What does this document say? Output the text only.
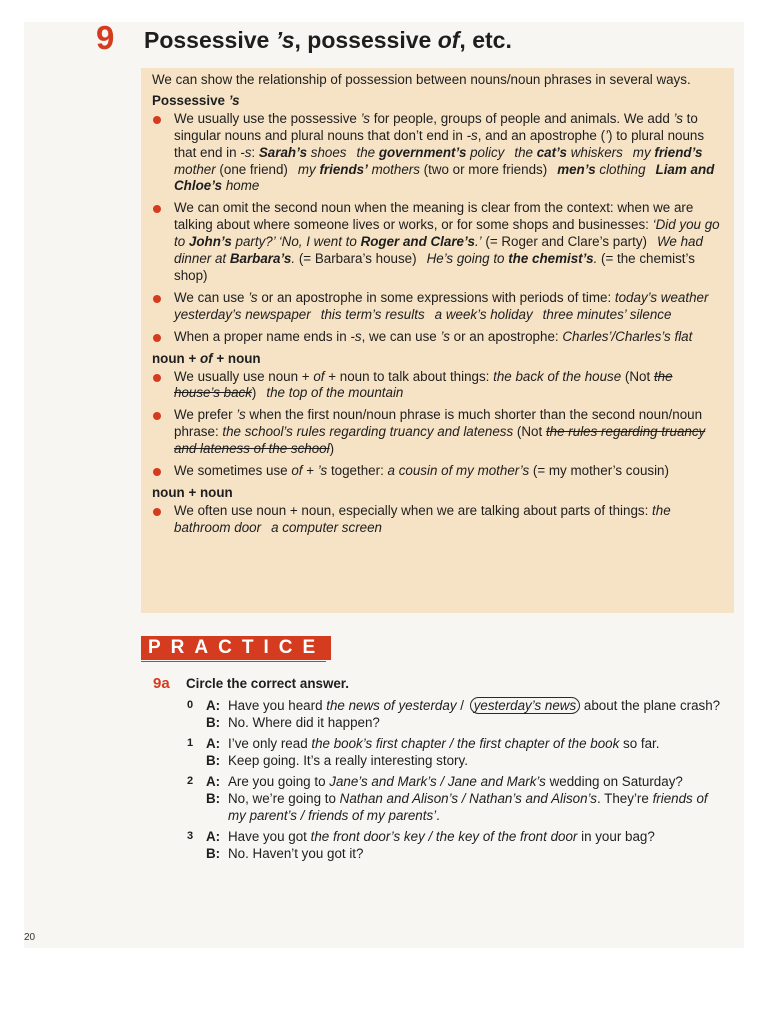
9 Possessive ’s, possessive of, etc.

We can show the relationship of possession between nouns/noun phrases in several ways.

Possessive ’s

We usually use the possessive ’s for people, groups of people and animals. We add ’s to singular nouns and plural nouns that don’t end in -s, and an apostrophe (’) to plural nouns that end in -s: Sarah’s shoes the government’s policy the cat’s whiskers my friend’s mother (one friend) my friends’ mothers (two or more friends) men’s clothing Liam and Chloe’s home

We can omit the second noun when the meaning is clear from the context: when we are talking about where someone lives or works, or for some shops and businesses: ‘Did you go to John’s party?’ ‘No, I went to Roger and Clare’s.’ (= Roger and Clare’s party) We had dinner at Barbara’s. (= Barbara’s house) He’s going to the chemist’s. (= the chemist’s shop)

We can use ’s or an apostrophe in some expressions with periods of time: today’s weatheryesterday’s newspaper this term’s results a week’s holiday three minutes’ silence

When a proper name ends in -s, we can use ’s or an apostrophe: Charles’/Charles’s flat

noun + of + noun

We usually use noun + of + noun to talk about things: the back of the house (Not the house’s back) the top of the mountain

We prefer ’s when the first noun/noun phrase is much shorter than the second noun/noun phrase: the school’s rules regarding truancy and lateness (Not the rules regarding truancy and lateness of the school)

We sometimes use of + ’s together: a cousin of my mother’s (= my mother’s cousin)

noun + noun

We often use noun + noun, especially when we are talking about parts of things: the bathroom door a computer screen

PRACTICE
9a Circle the correct answer.
0 A: Have you heard the news of yesterday / yesterday’s news about the plane crash?
B: No. Where did it happen?
1 A: I’ve only read the book’s first chapter / the first chapter of the book so far.
B: Keep going. It’s a really interesting story.
2 A: Are you going to Jane’s and Mark’s / Jane and Mark’s wedding on Saturday?
B: No, we’re going to Nathan and Alison’s / Nathan’s and Alison’s. They’re friends of my parent’s / friends of my parents’.
3 A: Have you got the front door’s key / the key of the front door in your bag?
B: No. Haven’t you got it?
20
